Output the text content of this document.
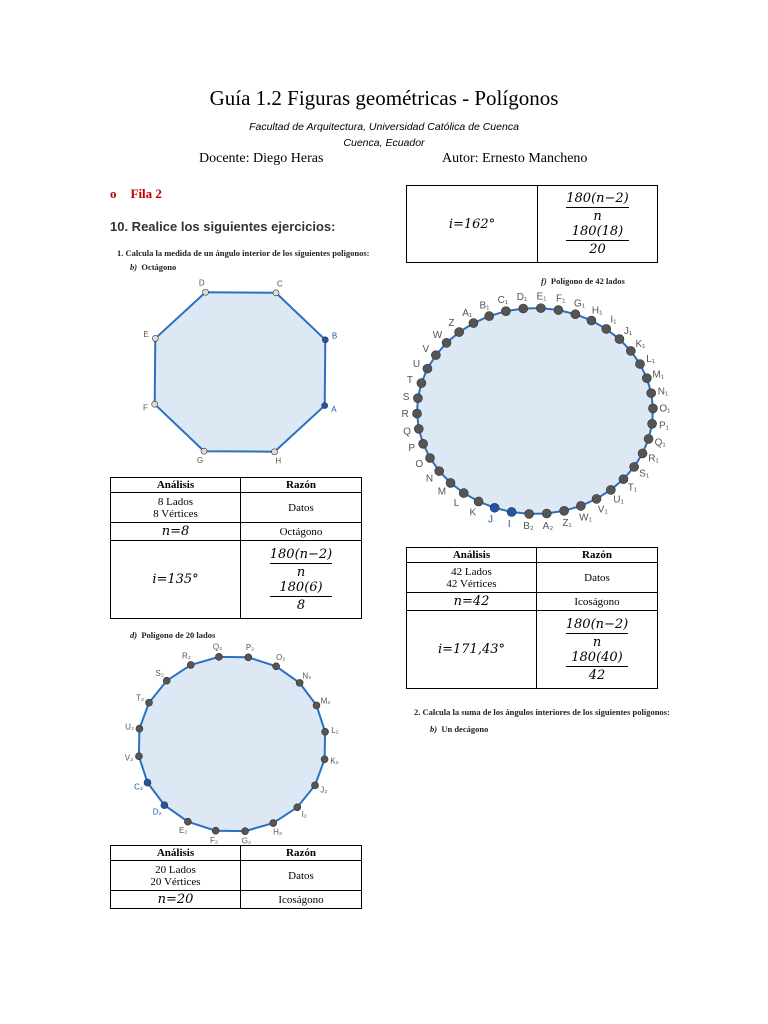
Guía 1.2 Figuras geométricas - Polígonos
Facultad de Arquitectura, Universidad Católica de Cuenca
Cuenca, Ecuador
Docente: Diego Heras	Autor: Ernesto Mancheno
o Fila 2
10. Realice los siguientes ejercicios:
1. Calcula la medida de un ángulo interior de los siguientes polígonos:
b) Octágono
f) Polígono de 42 lados
d) Polígono de 20 lados
2. Calcula la suma de los ángulos interiores de los siguientes polígonos:
b) Un decágono
i=162°	
180(n−2)
n
180(18)
20
D	C
B
A
H
G
F
E
Análisis	Razón

8 Lados
8 Vértices	Datos
n=8	Octágono
i=135°	180(n−2)
n
180(6)
8
J
K
L
M
N
O
P
Q
R
S
T
U
V
W
Z
A₁
B₁ C₁ D₁ E₁ F₁ G₁
H₁
I₁
J₁
K₁
L₁
M₁
N₁
O₁
P₁
Q₁
R₁
S₁
T₁
U₁
V₁
W₁
Z₁
A₂
B₂
I
Análisis	Razón

42 Lados
42 Vértices	Datos
n=42	Icoságono
i=171,43°	180(n−2)
n
180(40)
42
P₂
O₂
N₂
M₂
L₂
K₂
J₂
I₂
H₂
G₂
F₂
E₂
D₂
C₂
V₂
U₂
T₂
S₂
R₂
Q₂
Análisis	Razón

20 Lados
20 Vértices	Datos
n=20	Icoságono
